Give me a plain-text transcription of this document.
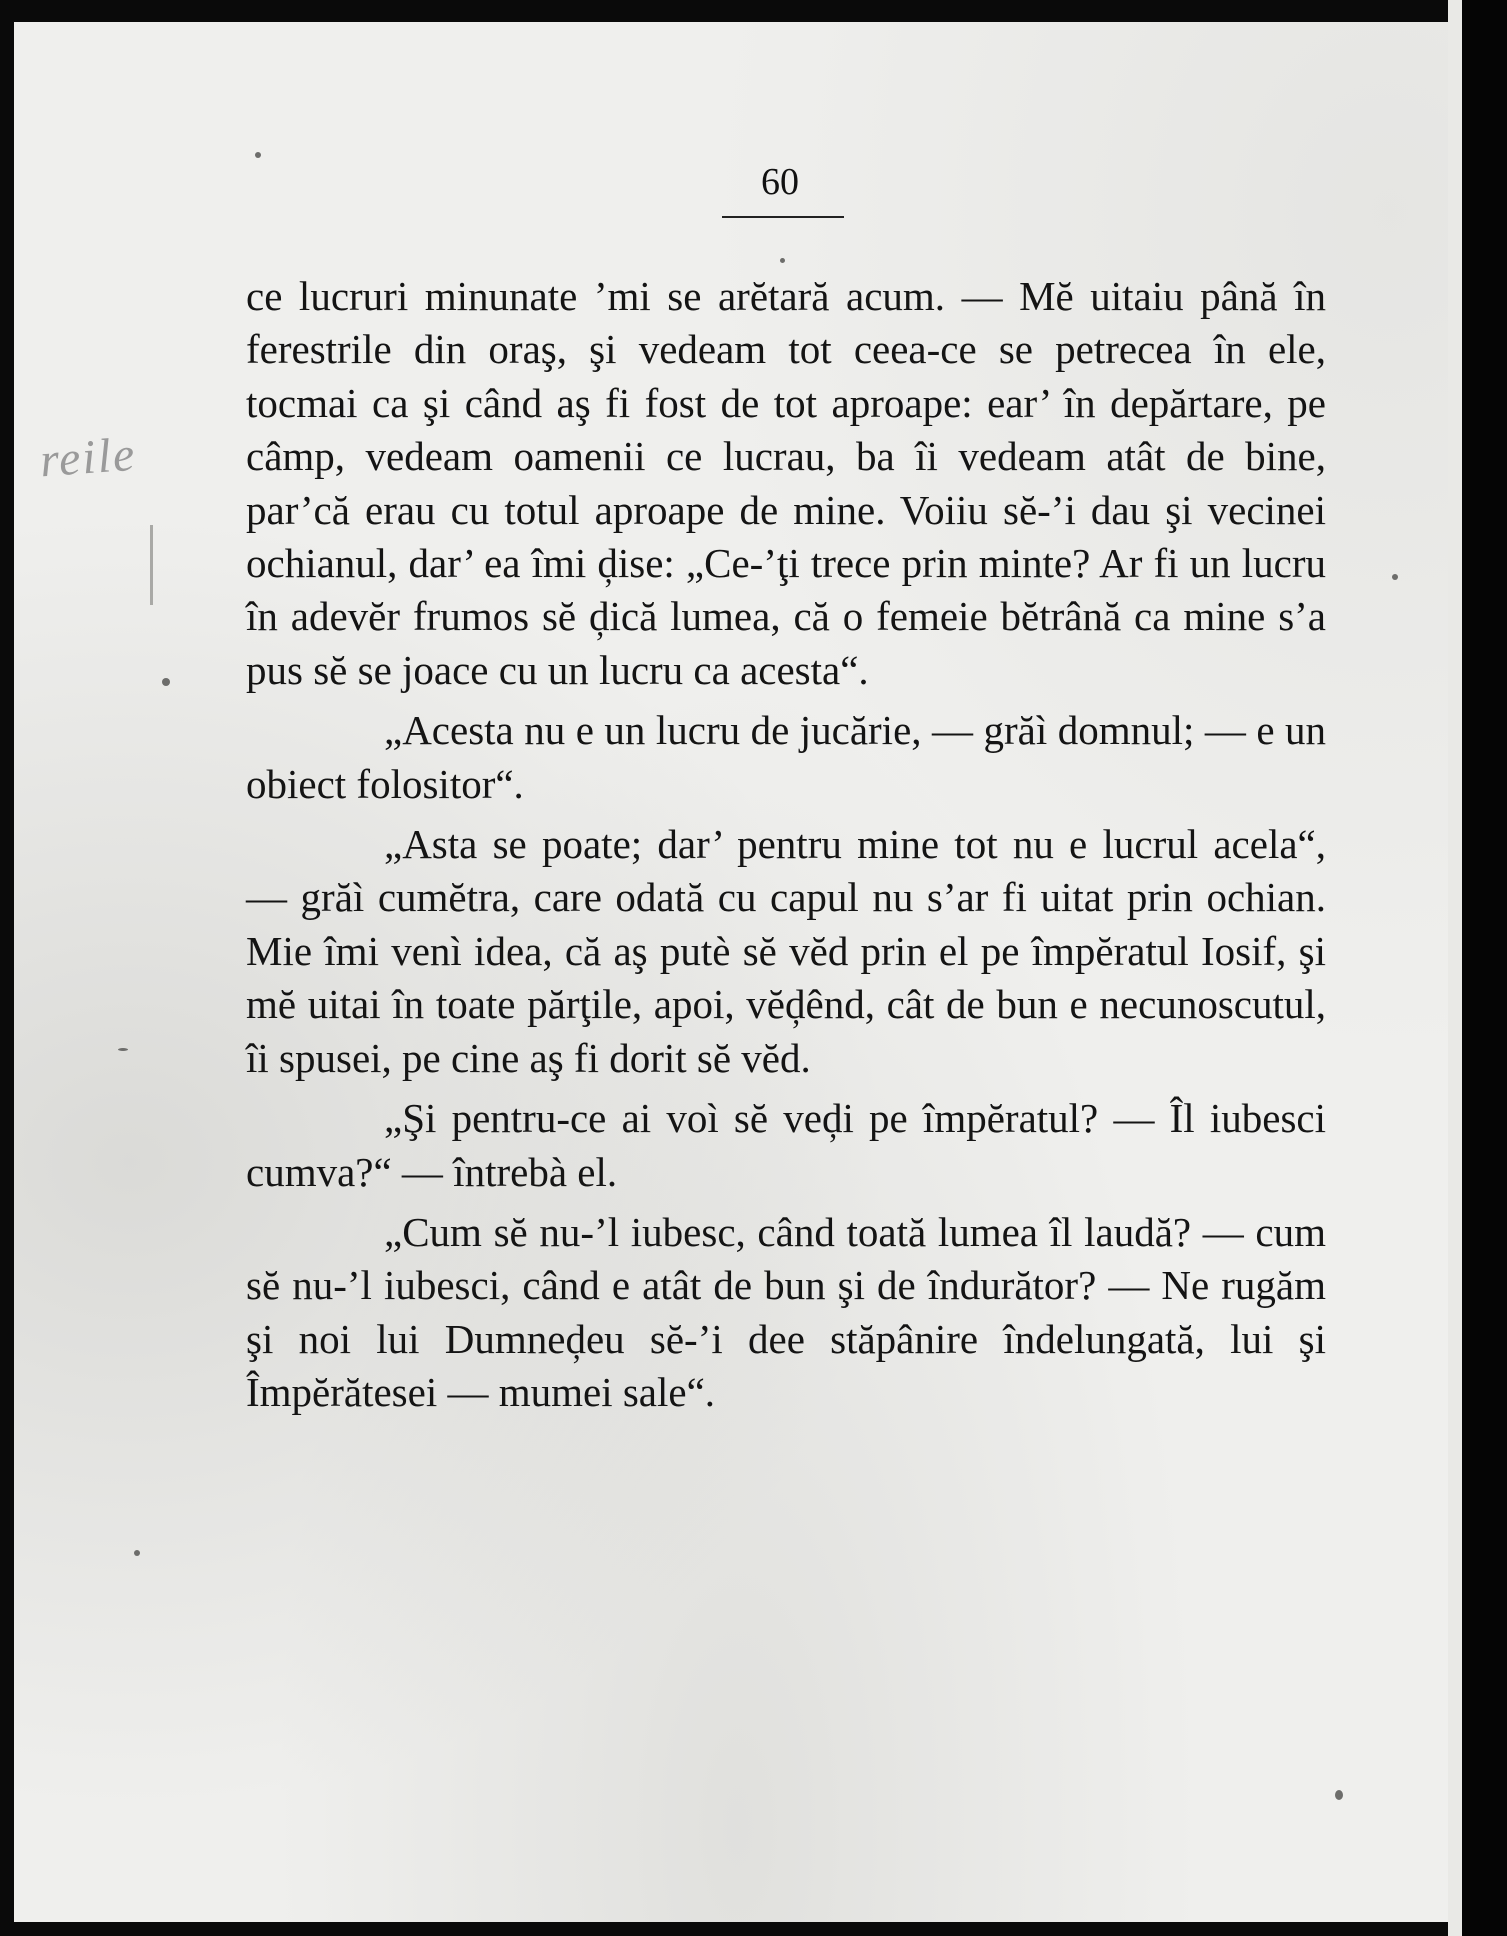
reile
60

ce lucruri minunate ’mi se arĕtară acum. — Mĕ uitaiu până în ferestrile din oraş, şi vedeam tot ceea-ce se petrecea în ele, tocmai ca şi când aş fi fost de tot aproape: ear’ în depărtare, pe câmp, vedeam oamenii ce lucrau, ba îi vedeam atât de bine, par’că erau cu totul aproape de mine. Voiiu sĕ-’i dau şi vecinei ochianul, dar’ ea îmi ḑise: „Ce-’ţi trece prin minte? Ar fi un lucru în adevĕr frumos sĕ ḑică lumea, că o femeie bĕtrână ca mine s’a pus sĕ se joace cu un lucru ca acesta“.

„Acesta nu e un lucru de jucărie, — grăì domnul; — e un obiect folositor“.

„Asta se poate; dar’ pentru mine tot nu e lucrul acela“, — grăì cumĕtra, care odată cu capul nu s’ar fi uitat prin ochian. Mie îmi venì idea, că aş putè sĕ vĕd prin el pe împĕratul Iosif, şi mĕ uitai în toate părţile, apoi, vĕḑênd, cât de bun e necunoscutul, îi spusei, pe cine aş fi dorit sĕ vĕd.

„Şi pentru-ce ai voì sĕ veḑi pe împĕratul? — Îl iubesci cumva?“ — întrebà el.

„Cum sĕ nu-’l iubesc, când toată lumea îl laudă? — cum sĕ nu-’l iubesci, când e atât de bun şi de îndurător? — Ne rugăm şi noi lui Dumneḑeu sĕ-’i dee stăpânire îndelungată, lui şi Împĕrătesei — mumei sale“.
